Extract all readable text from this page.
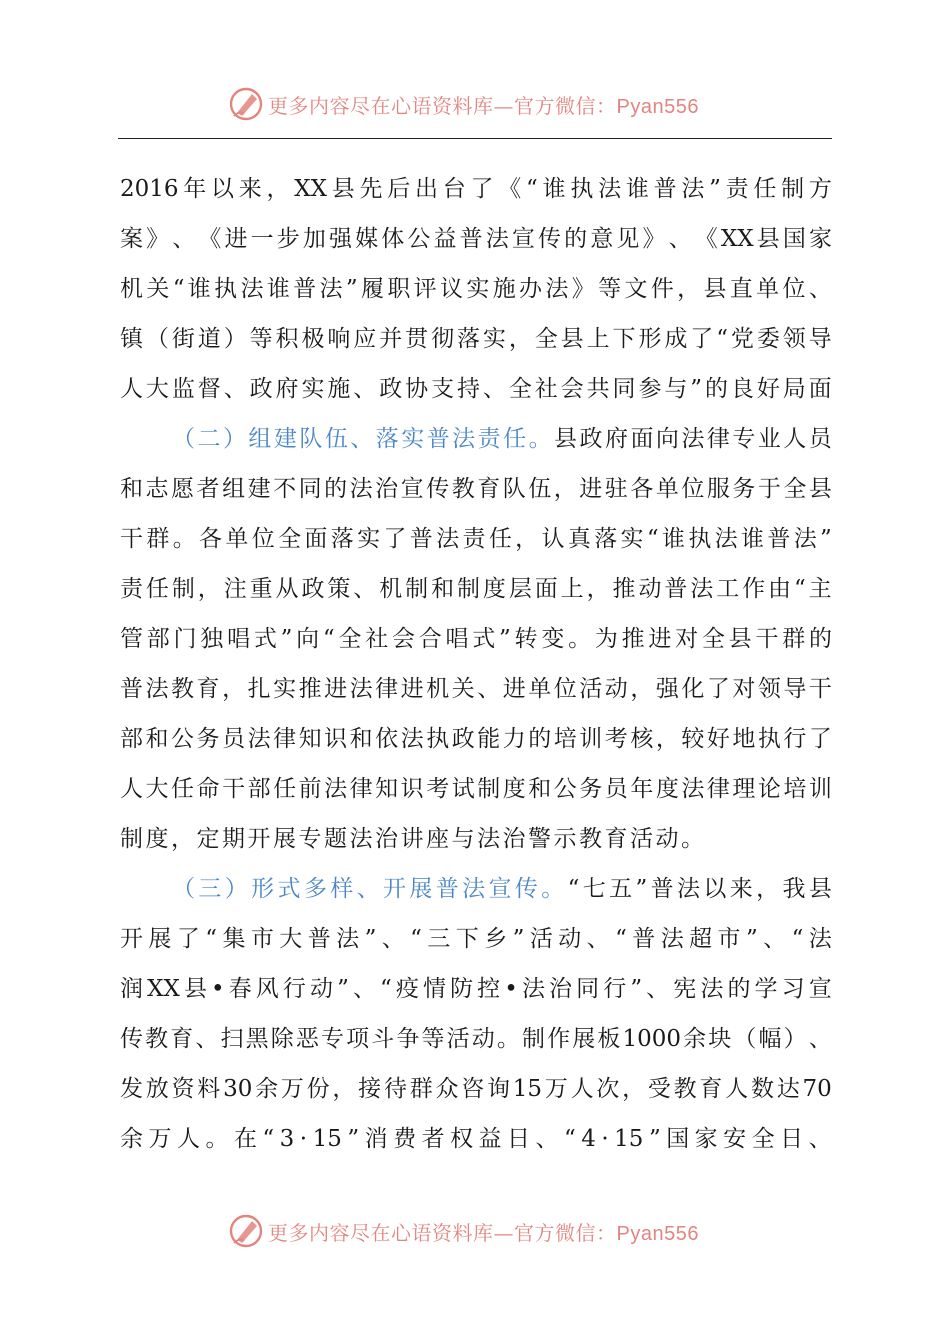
更多内容尽在心语资料库—官方微信：Pyan556
2016 年 以 来 ， XX 县 先 后 出 台 了 《 “ 谁 执 法 谁 普 法 ” 责 任 制 方
案 》 、 《 进 一 步 加 强 媒 体 公 益 普 法 宣 传 的 意 见 》 、 《 XX 县 国 家
机 关 “ 谁 执 法 谁 普 法 ” 履 职 评 议 实 施 办 法 》 等 文 件 ， 县 直 单 位 、
镇 （ 街 道 ） 等 积 极 响 应 并 贯 彻 落 实 ， 全 县 上 下 形 成 了 “ 党 委 领 导
人 大 监 督 、 政 府 实 施 、 政 协 支 持 、 全 社 会 共 同 参 与 ” 的 良 好 局 面
（ 二 ） 组 建 队 伍 、 落 实 普 法 责 任 。 县 政 府 面 向 法 律 专 业 人 员
和 志 愿 者 组 建 不 同 的 法 治 宣 传 教 育 队 伍 ， 进 驻 各 单 位 服 务 于 全 县
干 群 。 各 单 位 全 面 落 实 了 普 法 责 任 ， 认 真 落 实 “ 谁 执 法 谁 普 法 ”
责 任 制 ， 注 重 从 政 策 、 机 制 和 制 度 层 面 上 ， 推 动 普 法 工 作 由 “ 主
管 部 门 独 唱 式 ” 向 “ 全 社 会 合 唱 式 ” 转 变 。 为 推 进 对 全 县 干 群 的
普 法 教 育 ， 扎 实 推 进 法 律 进 机 关 、 进 单 位 活 动 ， 强 化 了 对 领 导 干
部 和 公 务 员 法 律 知 识 和 依 法 执 政 能 力 的 培 训 考 核 ， 较 好 地 执 行 了
人 大 任 命 干 部 任 前 法 律 知 识 考 试 制 度 和 公 务 员 年 度 法 律 理 论 培 训
制 度 ， 定 期 开 展 专 题 法 治 讲 座 与 法 治 警 示 教 育 活 动 。
（ 三 ） 形 式 多 样 、 开 展 普 法 宣 传 。 “ 七 五 ” 普 法 以 来 ， 我 县
开 展 了 “ 集 市 大 普 法 ” 、 “ 三 下 乡 ” 活 动 、 “ 普 法 超 市 ” 、 “ 法
润 XX 县 • 春 风 行 动 ” 、 “ 疫 情 防 控 • 法 治 同 行 ” 、 宪 法 的 学 习 宣
传 教 育 、 扫 黑 除 恶 专 项 斗 争 等 活 动 。 制 作 展 板 1000 余 块 （ 幅 ） 、
发 放 资 料 30 余 万 份 ， 接 待 群 众 咨 询 15 万 人 次 ， 受 教 育 人 数 达 70
余 万 人 。 在 “ 3 · 15 ” 消 费 者 权 益 日 、 “ 4 · 15 ” 国 家 安 全 日 、
更多内容尽在心语资料库—官方微信：Pyan556
